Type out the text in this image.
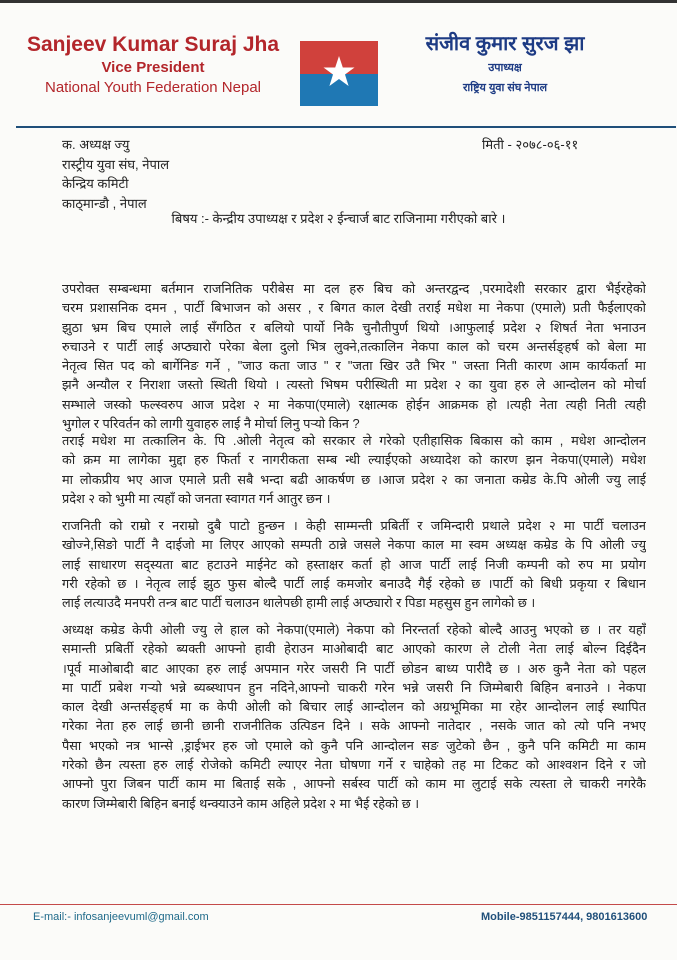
Sanjeev Kumar Suraj Jha
Vice President
National Youth Federation Nepal
संजीव कुमार सुरज झा
उपाध्यक्ष
राष्ट्रिय युवा संघ नेपाल
क. अध्यक्ष ज्यु
रास्ट्रीय युवा संघ, नेपाल
केन्द्रिय कमिटी
काठ्मान्डौ , नेपाल
मिती - २०७८-०६-११
बिषय :- केन्द्रीय उपाध्यक्ष र प्रदेश २ ईन्चार्ज बाट राजिनामा गरीएको बारे ।
उपरोक्त सम्बन्धमा बर्तमान राजनितिक परीबेस मा दल हरु बिच को अन्तरद्वन्द ,परमादेशी सरकार द्वारा भैईरहेको
चरम प्रशासनिक दमन , पार्टी बिभाजन को असर , र बिगत काल देखी तराई मधेश मा नेकपा (एमाले) प्रती फैईलाएको
झुठा भ्रम बिच एमाले लाई सँगठित र बलियो पार्यो निकै चुनौतीपुर्ण थियो ।आफुलाई प्रदेश २ शिषर्त नेता भनाउन
रुचाउने र पार्टी लाई अप्ठ्यारो परेका बेला दुलो भित्र लुक्ने,तत्कालिन नेकपा काल को चरम अन्तर्सङ्हर्ष को बेला मा
नेतृत्व सित पद को बार्गेनिङ गर्ने , "जाउ कता जाउ " र "जता खिर उतै भिर " जस्ता निती कारण आम कार्यकर्ता मा
झनै अन्यौल र निराशा जस्तो स्थिती थियो । त्यस्तो भिषम परीस्थिती मा प्रदेश २ का युवा हरु ले आन्दोलन को मोर्चा
सम्भाले जस्को फल्स्वरुप आज प्रदेश २ मा नेकपा(एमाले) रक्षात्मक होईन आक्रमक हो ।त्यही नेता त्यही निती त्यही
भुगोल र परिवर्तन को लागी युवाहरु लाई नै मोर्चा लिनु पर्‍यो किन ?
तराई मधेश मा तत्कालिन के. पि .ओली नेतृत्व को सरकार ले गरेको एतीहासिक बिकास को काम , मधेश आन्दोलन
को क्रम मा लागेका मुद्दा हरु फिर्ता र नागरीकता सम्ब न्धी ल्याईएको अध्यादेश को कारण झन नेकपा(एमाले) मधेश
मा लोकप्रीय भए आज एमाले प्रती सबै भन्दा बढी आकर्षण छ ।आज प्रदेश २ का जनाता कम्रेड के.पि ओली ज्यु लाई
प्रदेश २ को भुमी मा त्यहाँ को जनता स्वागत गर्न आतुर छन ।
राजनिती को राम्रो र नराम्रो दुबै पाटो हुन्छन । केही साम्मन्ती प्रबिर्ती र जमिन्दारी प्रथाले प्रदेश २ मा पार्टी चलाउन
खोज्ने,सिङो पार्टी नै दाईजो मा लिएर आएको सम्पती ठान्ने जसले नेकपा काल मा स्वम अध्यक्ष कम्रेड के पि ओली ज्यु
लाई साधारण सद्स्यता बाट हटाउने माईनेट को हस्ताक्षर कर्ता हो आज पार्टी लाई निजी कम्पनी को रुप मा प्रयोग
गरी रहेको छ । नेतृत्व लाई झुठ फुस बोल्दै पार्टी लाई कमजोर बनाउदै गैई रहेको छ ।पार्टी को बिधी प्रकृया र बिधान
लाई लत्याउदै मनपरी तन्त्र बाट पार्टी चलाउन थालेपछी हामी लाई अप्ठ्यारो र पिडा महसुस हुन लागेको छ ।
अध्यक्ष कम्रेड केपी ओली ज्यु ले हाल को नेकपा(एमाले) नेकपा को निरन्तर्ता रहेको बोल्दै आउनु भएको छ । तर यहाँ
समान्ती प्रबिर्ती रहेको ब्यक्ती आफ्नो हावी हेराउन माओबादी बाट आएको कारण ले टोली नेता लाई बोल्न दिईदैन
।पूर्व माओबादी बाट आएका हरु लाई अपमान गरेर जसरी नि पार्टी छोडन बाध्य पारीदै छ । अरु कुनै नेता को पहल
मा पार्टी प्रबेश गर्‍यो भन्ने ब्यब्स्थापन हुन नदिने,आफ्नो चाकरी गरेन भन्ने जसरी नि जिम्मेबारी बिहिन बनाउने । नेकपा
काल देखी अन्तर्सङ्हर्ष मा क केपी ओली को बिचार लाई आन्दोलन को अग्रभूमिका मा रहेर आन्दोलन लाई स्थापित
गरेका नेता हरु लाई छानी छानी राजनीतिक उत्पिडन दिने । सके आफ्नो नातेदार , नसके जात को त्यो पनि नभए
पैसा भएको नत्र भान्से ,ड्राईभर हरु जो एमाले को कुनै पनि आन्दोलन सङ जुटेको छैन , कुनै पनि कमिटी मा काम
गरेको छैन त्यस्ता हरु लाई रोजेको कमिटी ल्याएर नेता घोषणा गर्ने र चाहेको तह मा टिकट को आश्वशन दिने र जो
आफ्नो पुरा जिबन पार्टी काम मा बिताई सके , आफ्नो सर्बस्व पार्टी को काम मा लुटाई सके त्यस्ता ले चाकरी नगरेकै
कारण जिम्मेबारी बिहिन बनाई थन्क्याउने काम अहिले प्रदेश २ मा भैई रहेको छ ।
E-mail:- infosanjeevuml@gmail.com	Mobile-9851157444, 9801613600
